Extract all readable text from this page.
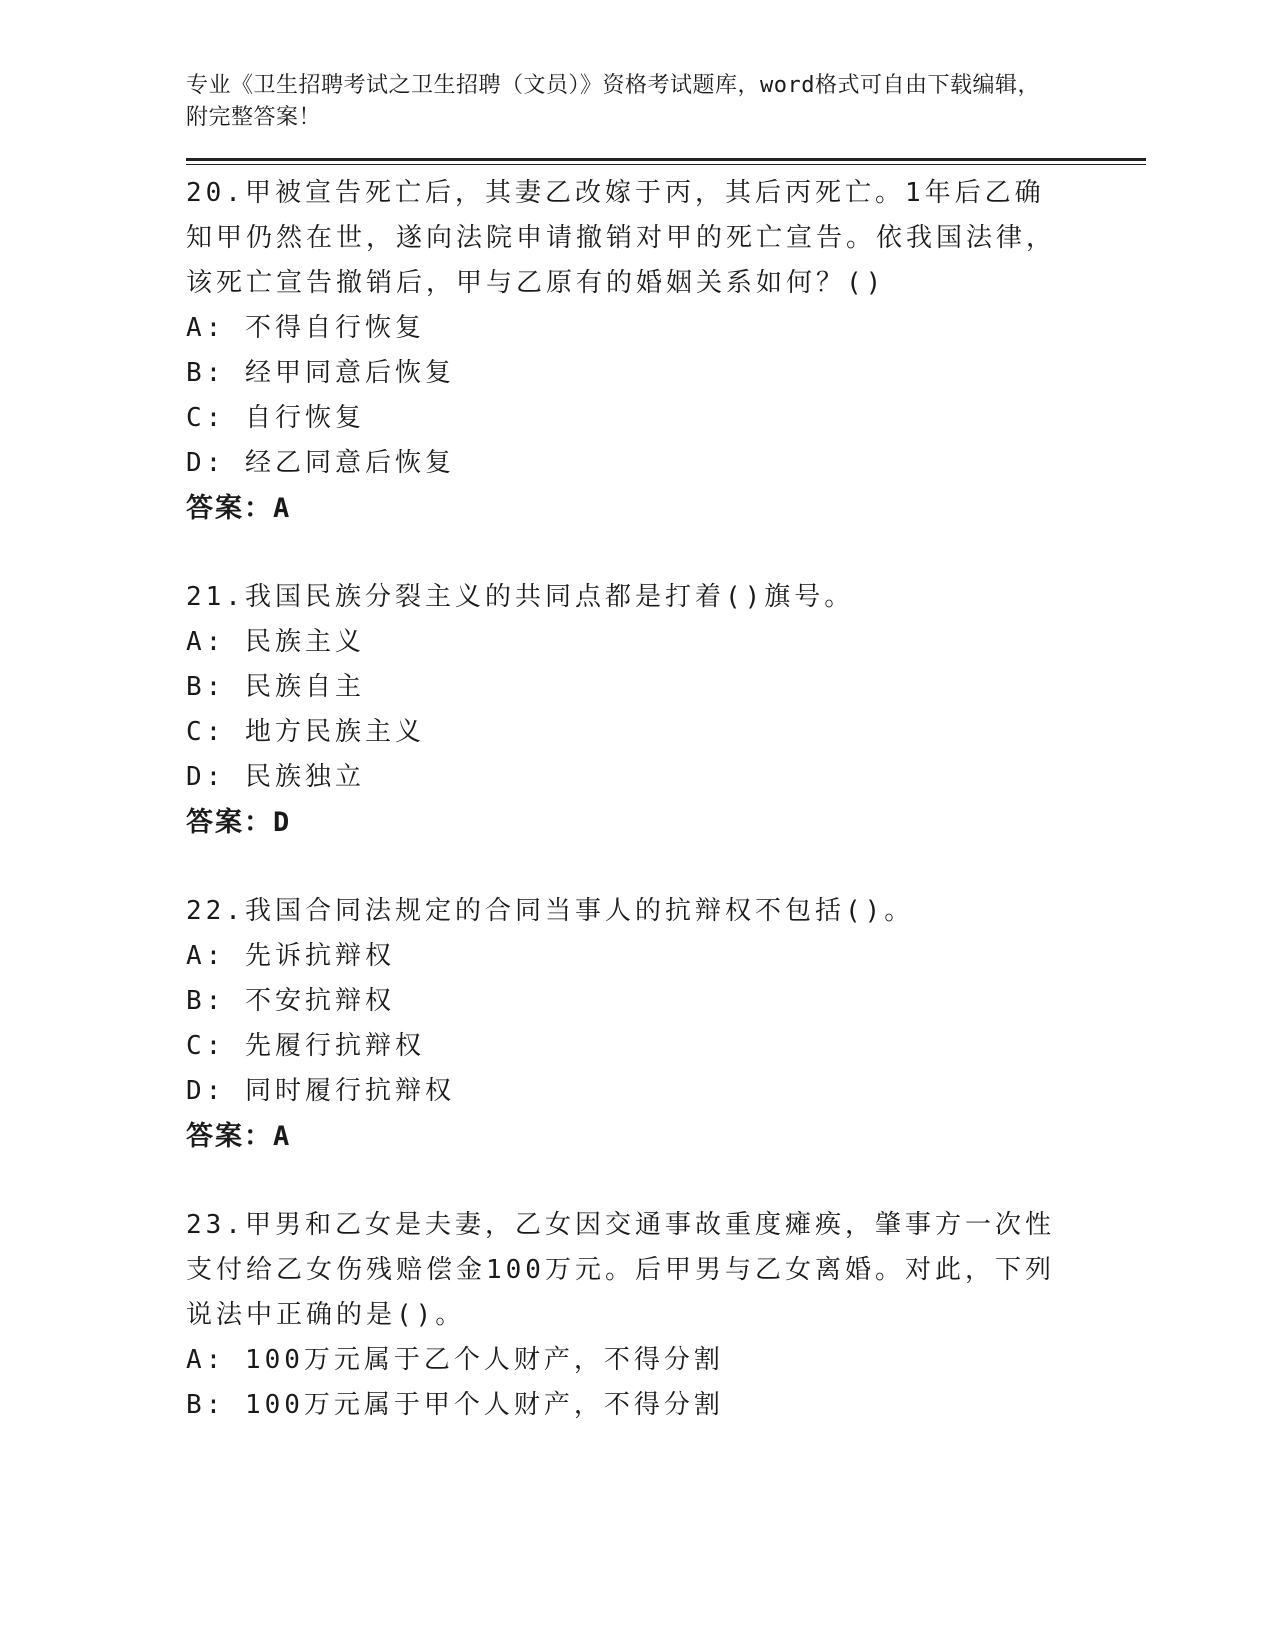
专业《卫生招聘考试之卫生招聘（文员）》资格考试题库，word格式可自由下载编辑，附完整答案！
20.甲被宣告死亡后，其妻乙改嫁于丙，其后丙死亡。1年后乙确知甲仍然在世，遂向法院申请撤销对甲的死亡宣告。依我国法律，该死亡宣告撤销后，甲与乙原有的婚姻关系如何？()
A: 不得自行恢复
B: 经甲同意后恢复
C: 自行恢复
D: 经乙同意后恢复
答案：A
21.我国民族分裂主义的共同点都是打着()旗号。
A: 民族主义
B: 民族自主
C: 地方民族主义
D: 民族独立
答案：D
22.我国合同法规定的合同当事人的抗辩权不包括()。
A: 先诉抗辩权
B: 不安抗辩权
C: 先履行抗辩权
D: 同时履行抗辩权
答案：A
23.甲男和乙女是夫妻，乙女因交通事故重度瘫痪，肇事方一次性支付给乙女伤残赔偿金100万元。后甲男与乙女离婚。对此，下列说法中正确的是()。
A: 100万元属于乙个人财产，不得分割
B: 100万元属于甲个人财产，不得分割
